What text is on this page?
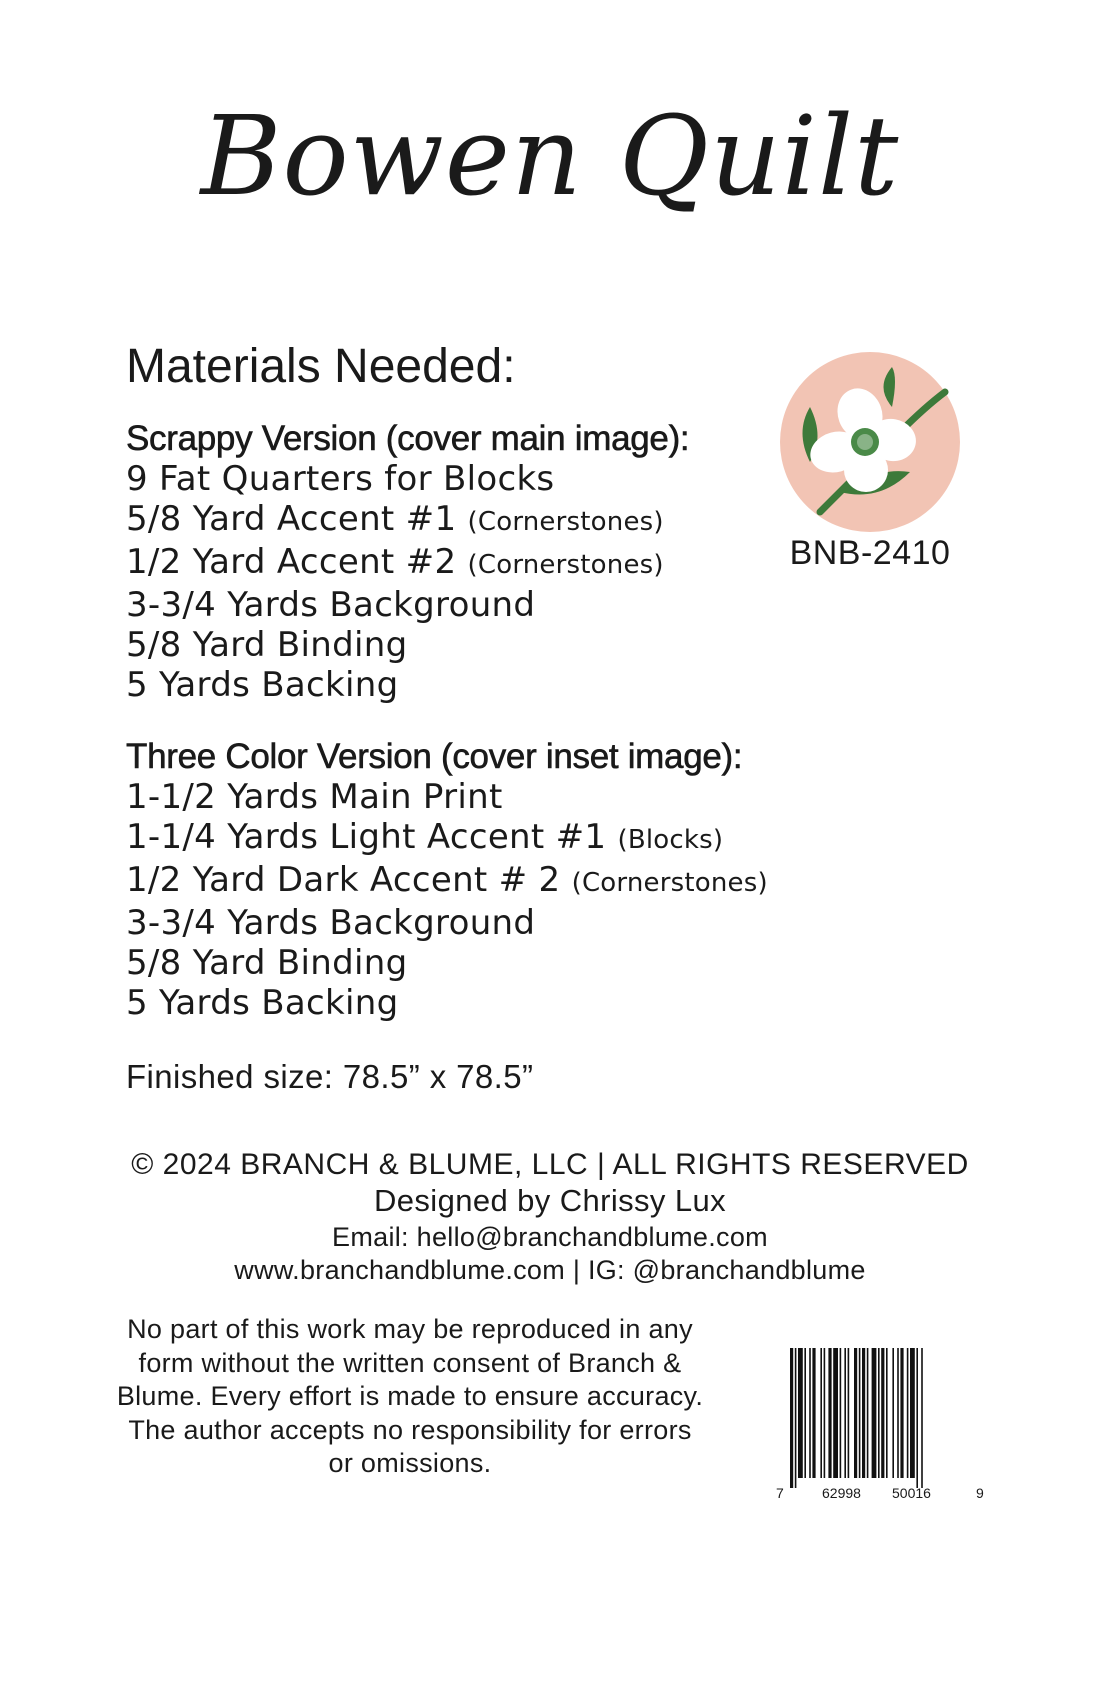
Bowen Quilt
Materials Needed:
Scrappy Version (cover main image):
9 Fat Quarters for Blocks
5/8 Yard Accent #1 (Cornerstones)
1/2 Yard Accent #2 (Cornerstones)
3-3/4 Yards Background
5/8 Yard Binding
5 Yards Backing
Three Color Version (cover inset image):
1-1/2 Yards Main Print
1-1/4 Yards Light Accent #1 (Blocks)
1/2 Yard Dark Accent # 2 (Cornerstones)
3-3/4 Yards Background
5/8 Yard Binding
5 Yards Backing
Finished size: 78.5” x 78.5”
© 2024 BRANCH & BLUME, LLC | ALL RIGHTS RESERVED
Designed by Chrissy Lux
Email: hello@branchandblume.com
www.branchandblume.com | IG: @branchandblume
No part of this work may be reproduced in any form without the written consent of Branch & Blume. Every effort is made to ensure accuracy. The author accepts no responsibility for errors or omissions.
BNB-2410
7	62998 50016	9
